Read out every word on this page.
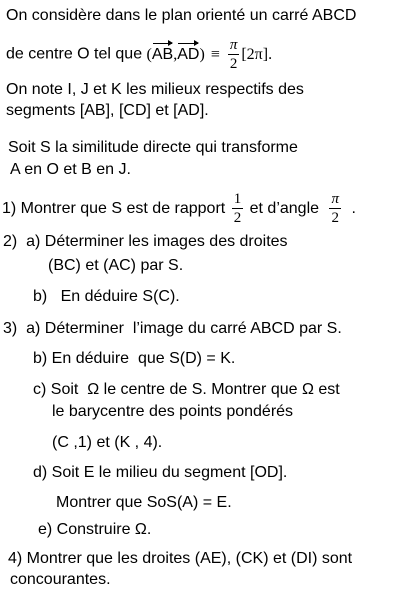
On considère dans le plan orienté un carré ABCD
de centre O tel que $(AB,AD) \equiv \frac{\pi}{2} [2\pi]$.
On note I, J et K les milieux respectifs des
segments [AB], [CD] et [AD].
Soit S la similitude directe qui transforme
A en O et B en J.
1) Montrer que S est de rapport $\frac{1}{2}$ et d’angle $\frac{\pi}{2}$ .
2)  a) Déterminer les images des droites
(BC) et (AC) par S.
b)   En déduire S(C).
3)  a) Déterminer  l’image du carré ABCD par S.
b) En déduire  que S(D) = K.
c) Soit  Ω le centre de S. Montrer que Ω est
le barycentre des points pondérés
(C ,1) et (K , 4).
d) Soit E le milieu du segment [OD].
Montrer que SoS(A) = E.
e) Construire Ω.
4) Montrer que les droites (AE), (CK) et (DI) sont
concourantes.
